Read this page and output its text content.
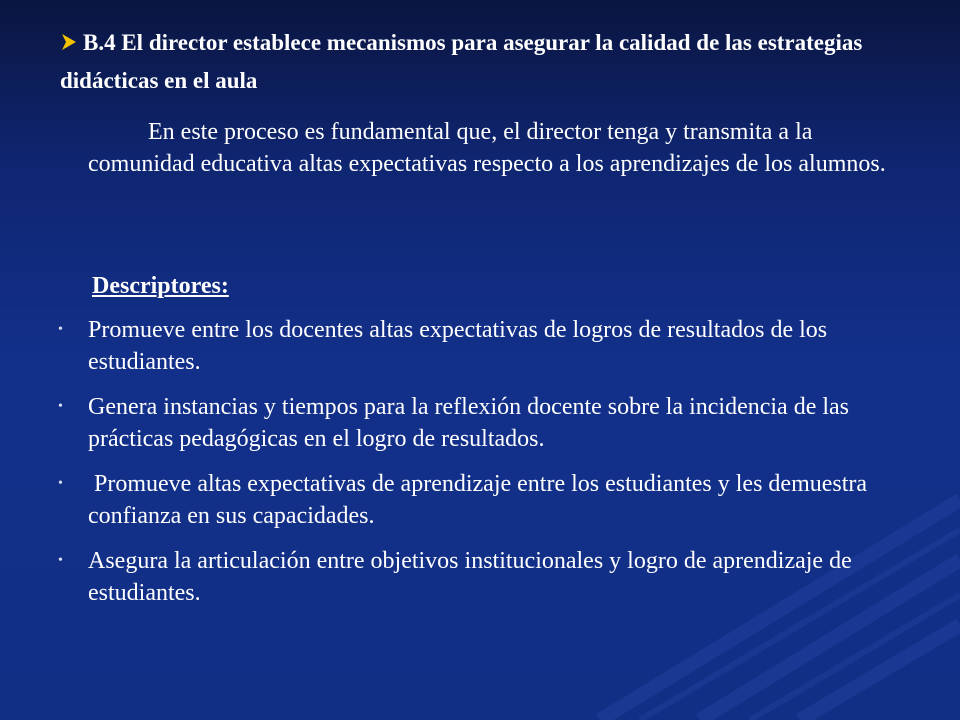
B.4 El director establece mecanismos para asegurar la calidad de las estrategias didácticas en el aula
En este proceso es fundamental que, el director tenga y transmita a la comunidad educativa altas expectativas respecto a los aprendizajes de los alumnos.
Descriptores:
• Promueve entre los docentes altas expectativas de logros de resultados de los estudiantes.
• Genera instancias y tiempos para la reflexión docente sobre la incidencia de las prácticas pedagógicas en el logro de resultados.
• Promueve altas expectativas de aprendizaje entre los estudiantes y les demuestra confianza en sus capacidades.
• Asegura la articulación entre objetivos institucionales y logro de aprendizaje de estudiantes.
